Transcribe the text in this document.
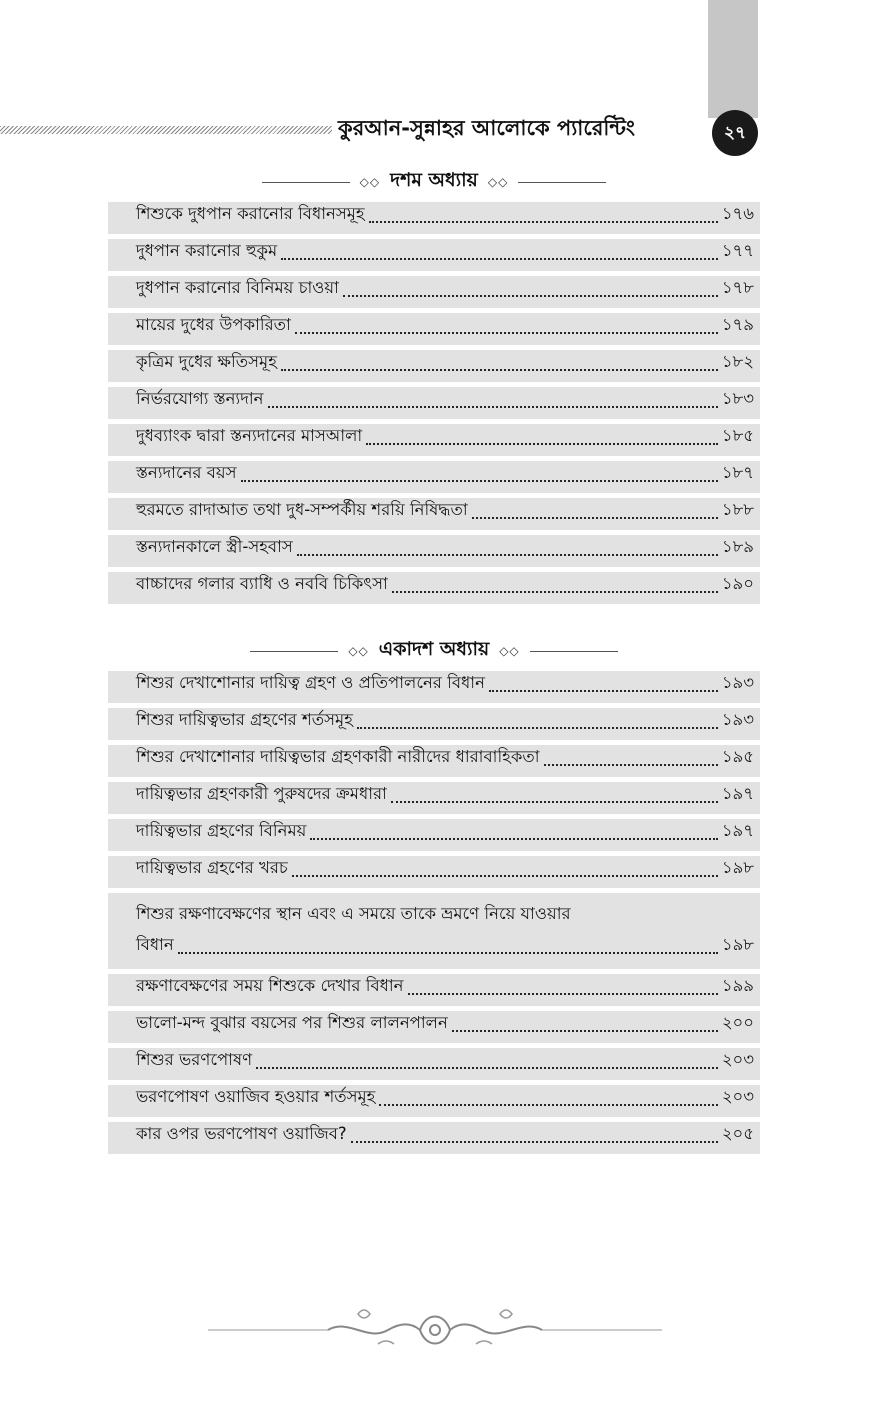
কুরআন-সুন্নাহর আলোকে প্যারেন্টিং	২৭
◇◇ দশম অধ্যায় ◇◇
শিশুকে দুধপান করানোর বিধানসমূহ	১৭৬
দুধপান করানোর হুকুম	১৭৭
দুধপান করানোর বিনিময় চাওয়া	১৭৮
মায়ের দুধের উপকারিতা	১৭৯
কৃত্রিম দুধের ক্ষতিসমূহ	১৮২
নির্ভরযোগ্য স্তন্যদান	১৮৩
দুধব্যাংক দ্বারা স্তন্যদানের মাসআলা	১৮৫
স্তন্যদানের বয়স	১৮৭
হুরমতে রাদাআত তথা দুধ-সম্পর্কীয় শরয়ি নিষিদ্ধতা	১৮৮
স্তন্যদানকালে স্ত্রী-সহবাস	১৮৯
বাচ্চাদের গলার ব্যাধি ও নববি চিকিৎসা	১৯০
◇◇ একাদশ অধ্যায় ◇◇
শিশুর দেখাশোনার দায়িত্ব গ্রহণ ও প্রতিপালনের বিধান	১৯৩
শিশুর দায়িত্বভার গ্রহণের শর্তসমূহ	১৯৩
শিশুর দেখাশোনার দায়িত্বভার গ্রহণকারী নারীদের ধারাবাহিকতা	১৯৫
দায়িত্বভার গ্রহণকারী পুরুষদের ক্রমধারা	১৯৭
দায়িত্বভার গ্রহণের বিনিময়	১৯৭
দায়িত্বভার গ্রহণের খরচ	১৯৮
শিশুর রক্ষণাবেক্ষণের স্থান এবং এ সময়ে তাকে ভ্রমণে নিয়ে যাওয়ার
বিধান	১৯৮
রক্ষণাবেক্ষণের সময় শিশুকে দেখার বিধান	১৯৯
ভালো-মন্দ বুঝার বয়সের পর শিশুর লালনপালন	২০০
শিশুর ভরণপোষণ	২০৩
ভরণপোষণ ওয়াজিব হওয়ার শর্তসমূহ	২০৩
কার ওপর ভরণপোষণ ওয়াজিব?	২০৫
